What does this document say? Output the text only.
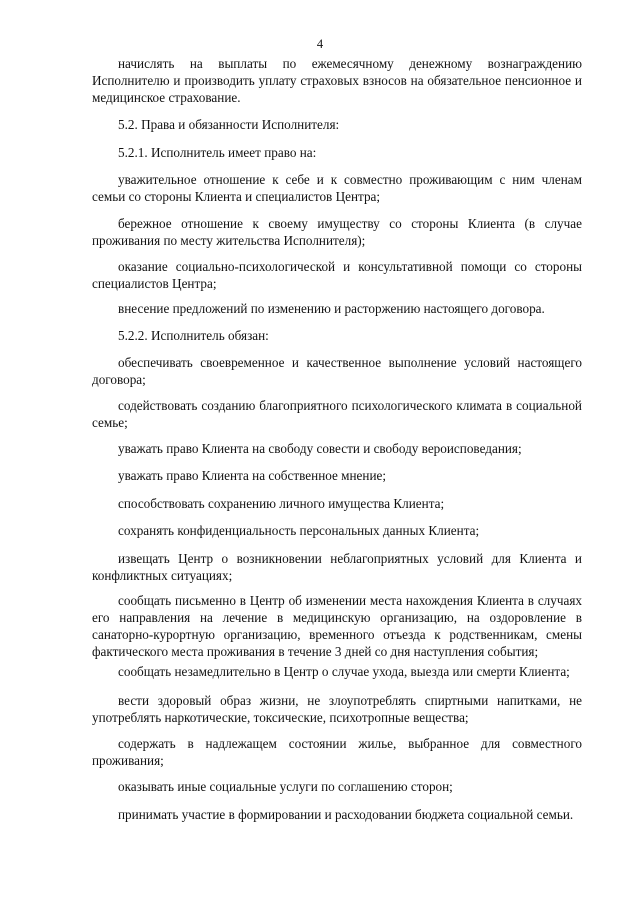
4

начислять на выплаты по ежемесячному денежному вознаграждению Исполнителю и производить уплату страховых взносов на обязательное пенсионное и медицинское страхование.

5.2. Права и обязанности Исполнителя:

5.2.1. Исполнитель имеет право на:

уважительное отношение к себе и к совместно проживающим с ним членам семьи со стороны Клиента и специалистов Центра;

бережное отношение к своему имуществу со стороны Клиента (в случае проживания по месту жительства Исполнителя);

оказание социально-психологической и консультативной помощи со стороны специалистов Центра;

внесение предложений по изменению и расторжению настоящего договора.

5.2.2. Исполнитель обязан:

обеспечивать своевременное и качественное выполнение условий настоящего договора;

содействовать созданию благоприятного психологического климата в социальной семье;

уважать право Клиента на свободу совести и свободу вероисповедания;

уважать право Клиента на собственное мнение;

способствовать сохранению личного имущества Клиента;

сохранять конфиденциальность персональных данных Клиента;

извещать Центр о возникновении неблагоприятных условий для Клиента и конфликтных ситуациях;

сообщать письменно в Центр об изменении места нахождения Клиента в случаях его направления на лечение в медицинскую организацию, на оздоровление в санаторно-курортную организацию, временного отъезда к родственникам, смены фактического места проживания в течение 3 дней со дня наступления события;

сообщать незамедлительно в Центр о случае ухода, выезда или смерти Клиента;

вести здоровый образ жизни, не злоупотреблять спиртными напитками, не употреблять наркотические, токсические, психотропные вещества;

содержать в надлежащем состоянии жилье, выбранное для совместного проживания;

оказывать иные социальные услуги по соглашению сторон;

принимать участие в формировании и расходовании бюджета социальной семьи.
